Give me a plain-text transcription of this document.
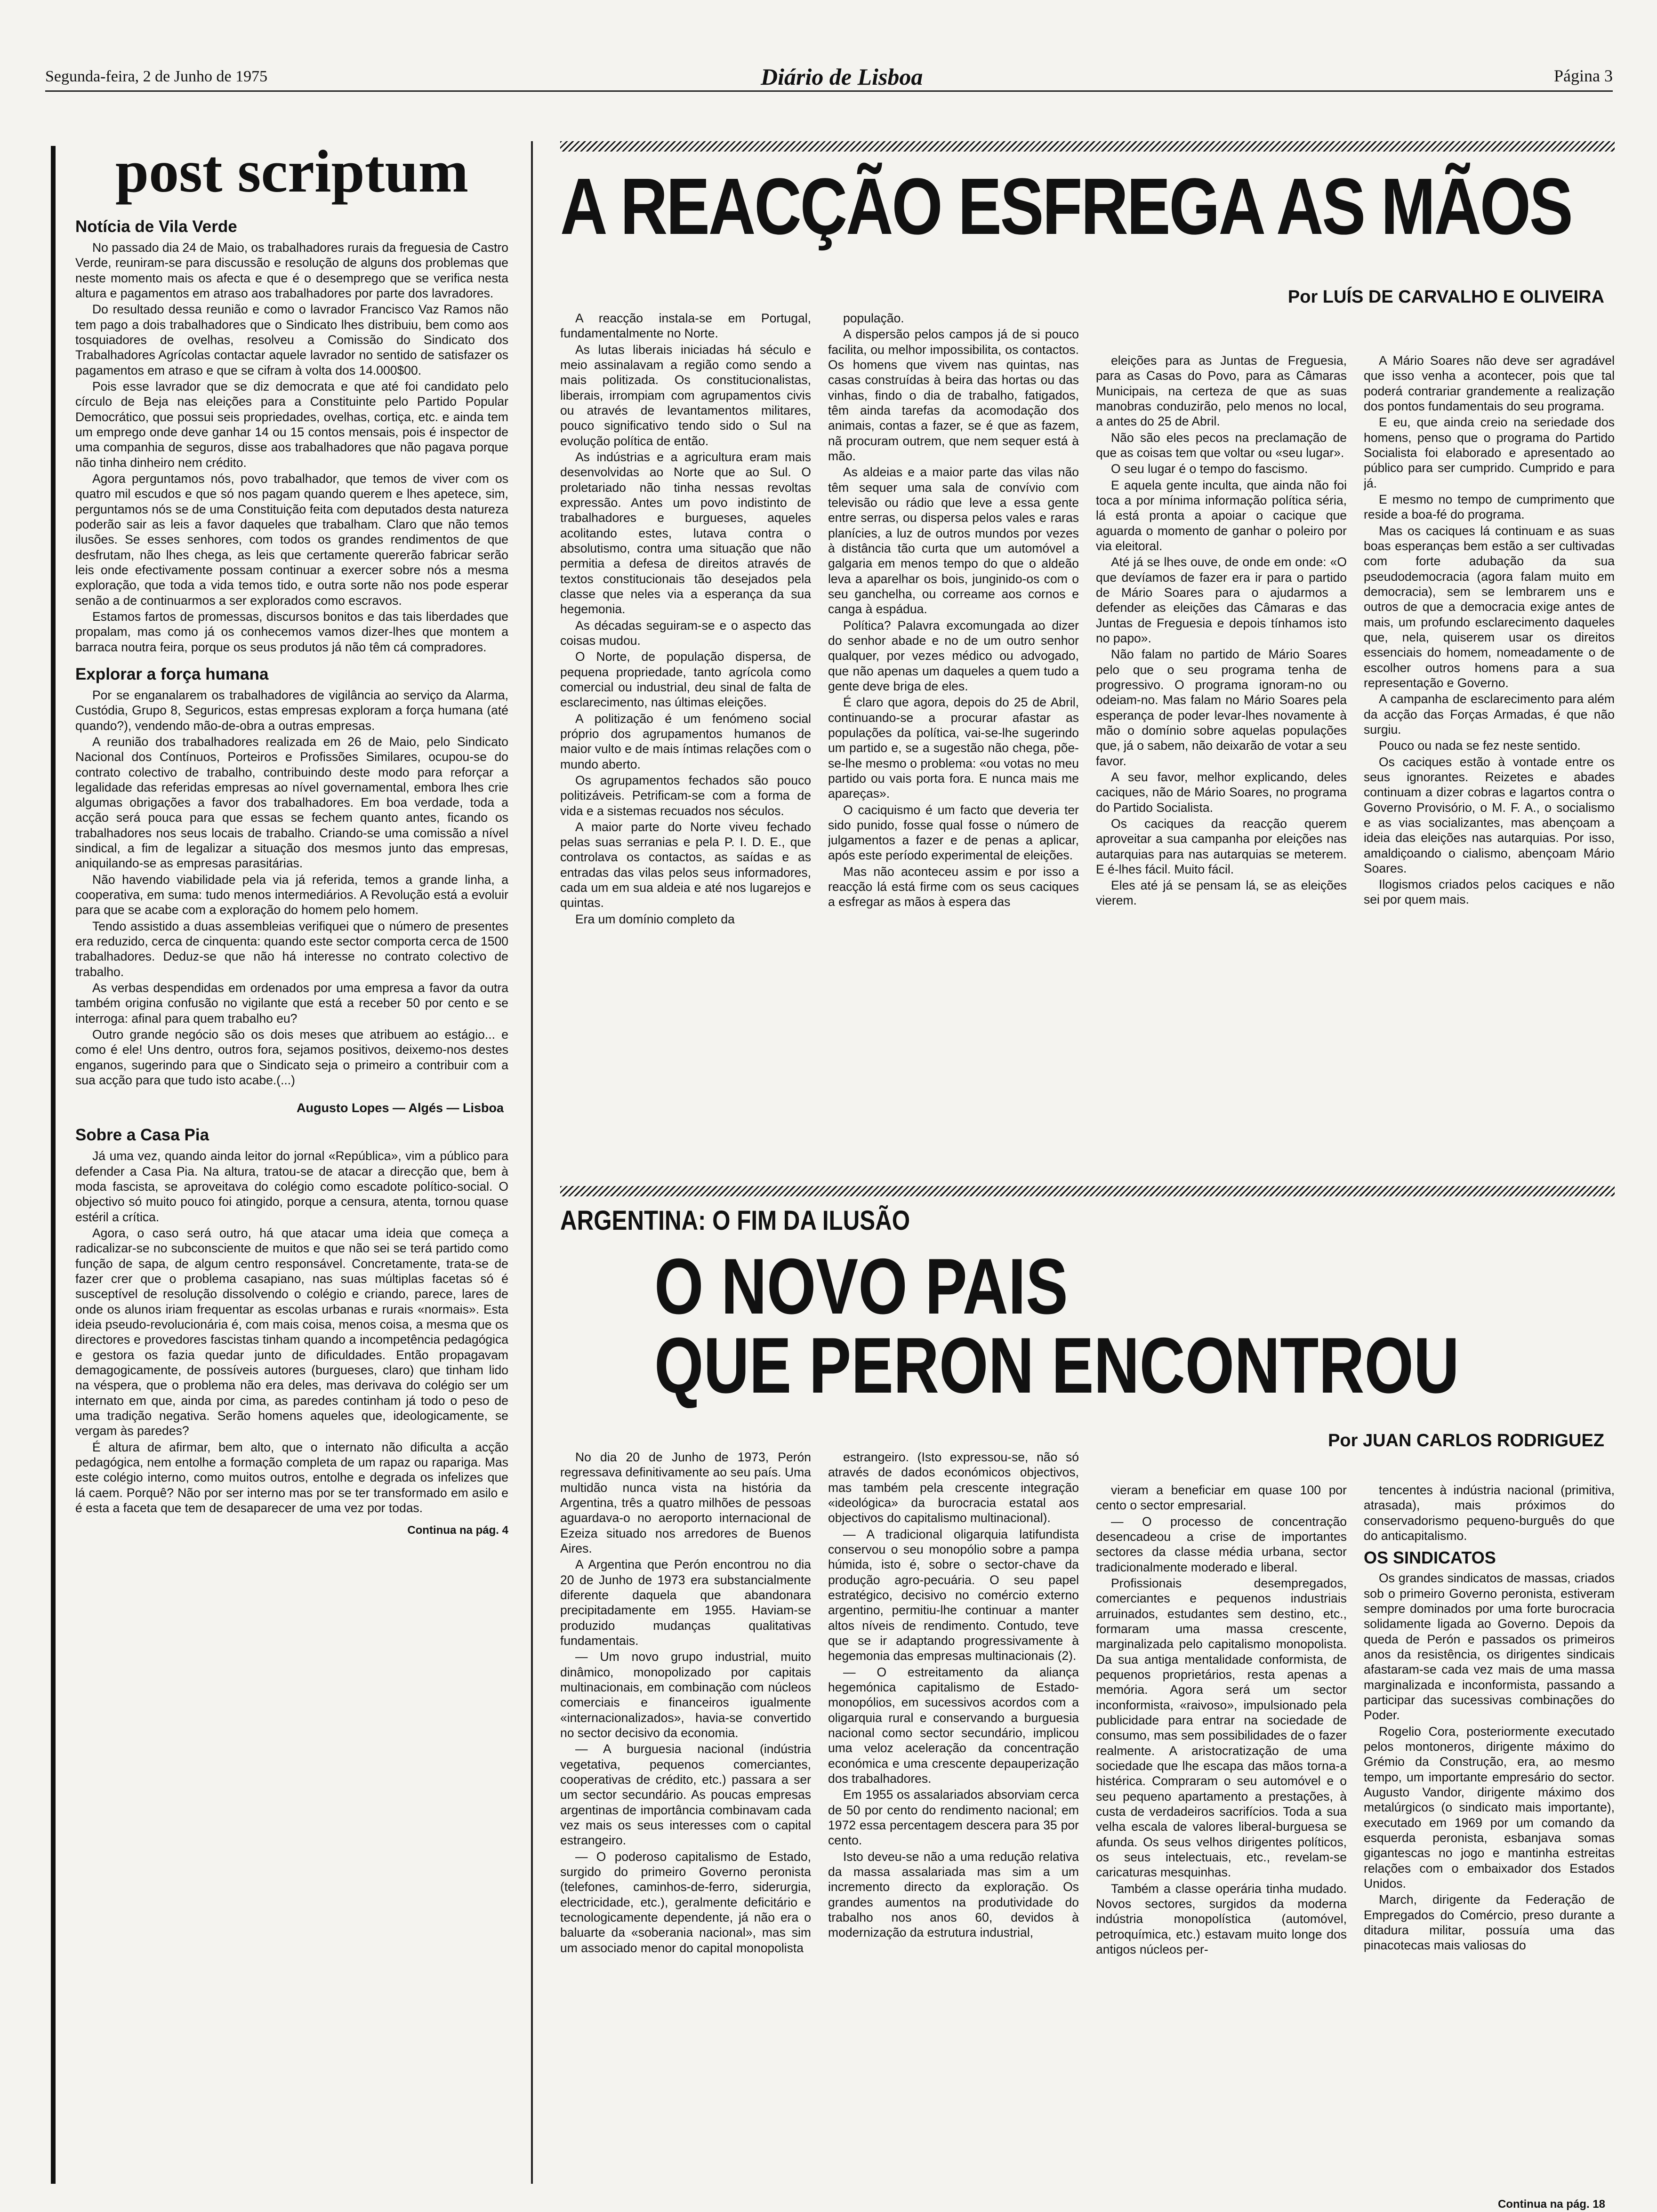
Segunda-feira, 2 de Junho de 1975	Diário de Lisboa	Página 3
post scriptum
Notícia de Vila Verde

No passado dia 24 de Maio, os trabalhadores rurais da freguesia de Castro Verde, reuniram-se para discussão e resolução de alguns dos problemas que neste momento mais os afecta e que é o desemprego que se verifica nesta altura e pagamentos em atraso aos trabalhadores por parte dos lavradores.

Do resultado dessa reunião e como o lavrador Francisco Vaz Ramos não tem pago a dois trabalhadores que o Sindicato lhes distribuiu, bem como aos tosquiadores de ovelhas, resolveu a Comissão do Sindicato dos Trabalhadores Agrícolas contactar aquele lavrador no sentido de satisfazer os pagamentos em atraso e que se cifram à volta dos 14.000$00.

Pois esse lavrador que se diz democrata e que até foi candidato pelo círculo de Beja nas eleições para a Constituinte pelo Partido Popular Democrático, que possui seis propriedades, ovelhas, cortiça, etc. e ainda tem um emprego onde deve ganhar 14 ou 15 contos mensais, pois é inspector de uma companhia de seguros, disse aos trabalhadores que não pagava porque não tinha dinheiro nem crédito.

Agora perguntamos nós, povo trabalhador, que temos de viver com os quatro mil escudos e que só nos pagam quando querem e lhes apetece, sim, perguntamos nós se de uma Constituição feita com deputados desta natureza poderão sair as leis a favor daqueles que trabalham. Claro que não temos ilusões. Se esses senhores, com todos os grandes rendimentos de que desfrutam, não lhes chega, as leis que certamente quererão fabricar serão leis onde efectivamente possam continuar a exercer sobre nós a mesma exploração, que toda a vida temos tido, e outra sorte não nos pode esperar senão a de continuarmos a ser explorados como escravos.

Estamos fartos de promessas, discursos bonitos e das tais liberdades que propalam, mas como já os conhecemos vamos dizer-lhes que montem a barraca noutra feira, porque os seus produtos já não têm cá compradores.

Explorar a força humana

Por se enganalarem os trabalhadores de vigilância ao serviço da Alarma, Custódia, Grupo 8, Seguricos, estas empresas exploram a força humana (até quando?), vendendo mão-de-obra a outras empresas.

A reunião dos trabalhadores realizada em 26 de Maio, pelo Sindicato Nacional dos Contínuos, Porteiros e Profissões Similares, ocupou-se do contrato colectivo de trabalho, contribuindo deste modo para reforçar a legalidade das referidas empresas ao nível governamental, embora lhes crie algumas obrigações a favor dos trabalhadores. Em boa verdade, toda a acção será pouca para que essas se fechem quanto antes, ficando os trabalhadores nos seus locais de trabalho. Criando-se uma comissão a nível sindical, a fim de legalizar a situação dos mesmos junto das empresas, aniquilando-se as empresas parasitárias.

Não havendo viabilidade pela via já referida, temos a grande linha, a cooperativa, em suma: tudo menos intermediários. A Revolução está a evoluir para que se acabe com a exploração do homem pelo homem.

Tendo assistido a duas assembleias verifiquei que o número de presentes era reduzido, cerca de cinquenta: quando este sector comporta cerca de 1500 trabalhadores. Deduz-se que não há interesse no contrato colectivo de trabalho.

As verbas despendidas em ordenados por uma empresa a favor da outra também origina confusão no vigilante que está a receber 50 por cento e se interroga: afinal para quem trabalho eu?

Outro grande negócio são os dois meses que atribuem ao estágio... e como é ele! Uns dentro, outros fora, sejamos positivos, deixemo-nos destes enganos, sugerindo para que o Sindicato seja o primeiro a contribuir com a sua acção para que tudo isto acabe.(...)

Augusto Lopes — Algés — Lisboa
Sobre a Casa Pia

Já uma vez, quando ainda leitor do jornal «República», vim a público para defender a Casa Pia. Na altura, tratou-se de atacar a direcção que, bem à moda fascista, se aproveitava do colégio como escadote político-social. O objectivo só muito pouco foi atingido, porque a censura, atenta, tornou quase estéril a crítica.

Agora, o caso será outro, há que atacar uma ideia que começa a radicalizar-se no subconsciente de muitos e que não sei se terá partido como função de sapa, de algum centro responsável. Concretamente, trata-se de fazer crer que o problema casapiano, nas suas múltiplas facetas só é susceptível de resolução dissolvendo o colégio e criando, parece, lares de onde os alunos iriam frequentar as escolas urbanas e rurais «normais». Esta ideia pseudo-revolucionária é, com mais coisa, menos coisa, a mesma que os directores e provedores fascistas tinham quando a incompetência pedagógica e gestora os fazia quedar junto de dificuldades. Então propagavam demagogicamente, de possíveis autores (burgueses, claro) que tinham lido na véspera, que o problema não era deles, mas derivava do colégio ser um internato em que, ainda por cima, as paredes continham já todo o peso de uma tradição negativa. Serão homens aqueles que, ideologicamente, se vergam às paredes?

É altura de afirmar, bem alto, que o internato não dificulta a acção pedagógica, nem entolhe a formação completa de um rapaz ou rapariga. Mas este colégio interno, como muitos outros, entolhe e degrada os infelizes que lá caem. Porquê? Não por ser interno mas por se ter transformado em asilo e é esta a faceta que tem de desaparecer de uma vez por todas.

Continua na pág. 4
A REACÇÃO ESFREGA AS MÃOS
Por LUÍS DE CARVALHO E OLIVEIRA

A reacção instala-se em Portugal, fundamentalmente no Norte.

As lutas liberais iniciadas há século e meio assinalavam a região como sendo a mais politizada. Os constitucionalistas, liberais, irrompiam com agrupamentos civis ou através de levantamentos militares, pouco significativo tendo sido o Sul na evolução política de então.

As indústrias e a agricultura eram mais desenvolvidas ao Norte que ao Sul. O proletariado não tinha nessas revoltas expressão. Antes um povo indistinto de trabalhadores e burgueses, aqueles acolitando estes, lutava contra o absolutismo, contra uma situação que não permitia a defesa de direitos através de textos constitucionais tão desejados pela classe que neles via a esperança da sua hegemonia.

As décadas seguiram-se e o aspecto das coisas mudou.

O Norte, de população dispersa, de pequena propriedade, tanto agrícola como comercial ou industrial, deu sinal de falta de esclarecimento, nas últimas eleições.

A politização é um fenómeno social próprio dos agrupamentos humanos de maior vulto e de mais íntimas relações com o mundo aberto.

Os agrupamentos fechados são pouco politizáveis. Petrificam-se com a forma de vida e a sistemas recuados nos séculos.

A maior parte do Norte viveu fechado pelas suas serranias e pela P. I. D. E., que controlava os contactos, as saídas e as entradas das vilas pelos seus informadores, cada um em sua aldeia e até nos lugarejos e quintas.

Era um domínio completo da

população.

A dispersão pelos campos já de si pouco facilita, ou melhor impossibilita, os contactos. Os homens que vivem nas quintas, nas casas construídas à beira das hortas ou das vinhas, findo o dia de trabalho, fatigados, têm ainda tarefas da acomodação dos animais, contas a fazer, se é que as fazem, nã procuram outrem, que nem sequer está à mão.

As aldeias e a maior parte das vilas não têm sequer uma sala de convívio com televisão ou rádio que leve a essa gente entre serras, ou dispersa pelos vales e raras planícies, a luz de outros mundos por vezes à distância tão curta que um automóvel a galgaria em menos tempo do que o aldeão leva a aparelhar os bois, junginido-os com o seu ganchelha, ou correame aos cornos e canga à espádua.

Política? Palavra excomungada ao dizer do senhor abade e no de um outro senhor qualquer, por vezes médico ou advogado, que não apenas um daqueles a quem tudo a gente deve briga de eles.

É claro que agora, depois do 25 de Abril, continuando-se a procurar afastar as populações da política, vai-se-lhe sugerindo um partido e, se a sugestão não chega, põe-se-lhe mesmo o problema: «ou votas no meu partido ou vais porta fora. E nunca mais me apareças».

O caciquismo é um facto que deveria ter sido punido, fosse qual fosse o número de julgamentos a fazer e de penas a aplicar, após este período experimental de eleições.

Mas não aconteceu assim e por isso a reacção lá está firme com os seus caciques a esfregar as mãos à espera das

eleições para as Juntas de Freguesia, para as Casas do Povo, para as Câmaras Municipais, na certeza de que as suas manobras conduzirão, pelo menos no local, a antes do 25 de Abril.

Não são eles pecos na preclamação de que as coisas tem que voltar ou «seu lugar».

O seu lugar é o tempo do fascismo.

E aquela gente inculta, que ainda não foi toca a por mínima informação política séria, lá está pronta a apoiar o cacique que aguarda o momento de ganhar o poleiro por via eleitoral.

Até já se lhes ouve, de onde em onde: «O que devíamos de fazer era ir para o partido de Mário Soares para o ajudarmos a defender as eleições das Câmaras e das Juntas de Freguesia e depois tínhamos isto no papo».

Não falam no partido de Mário Soares pelo que o seu programa tenha de progressivo. O programa ignoram-no ou odeiam-no. Mas falam no Mário Soares pela esperança de poder levar-lhes novamente à mão o domínio sobre aquelas populações que, já o sabem, não deixarão de votar a seu favor.

A seu favor, melhor explicando, deles caciques, não de Mário Soares, no programa do Partido Socialista.

Os caciques da reacção querem aproveitar a sua campanha por eleições nas autarquias para nas autarquias se meterem. E é-lhes fácil. Muito fácil.

Eles até já se pensam lá, se as eleições vierem.

A Mário Soares não deve ser agradável que isso venha a acontecer, pois que tal poderá contrariar grandemente a realização dos pontos fundamentais do seu programa.

E eu, que ainda creio na seriedade dos homens, penso que o programa do Partido Socialista foi elaborado e apresentado ao público para ser cumprido. Cumprido e para já.

E mesmo no tempo de cumprimento que reside a boa-fé do programa.

Mas os caciques lá continuam e as suas boas esperanças bem estão a ser cultivadas com forte adubação da sua pseudodemocracia (agora falam muito em democracia), sem se lembrarem uns e outros de que a democracia exige antes de mais, um profundo esclarecimento daqueles que, nela, quiserem usar os direitos essenciais do homem, nomeadamente o de escolher outros homens para a sua representação e Governo.

A campanha de esclarecimento para além da acção das Forças Armadas, é que não surgiu.

Pouco ou nada se fez neste sentido.

Os caciques estão à vontade entre os seus ignorantes. Reizetes e abades continuam a dizer cobras e lagartos contra o Governo Provisório, o M. F. A., o socialismo e as vias socializantes, mas abençoam a ideia das eleições nas autarquias. Por isso, amaldiçoando o cialismo, abençoam Mário Soares.

Ilogismos criados pelos caciques e não sei por quem mais.

ARGENTINA: O FIM DA ILUSÃO
O NOVO PAIS
QUE PERON ENCONTROU
Por JUAN CARLOS RODRIGUEZ

No dia 20 de Junho de 1973, Perón regressava definitivamente ao seu país. Uma multidão nunca vista na história da Argentina, três a quatro milhões de pessoas aguardava-o no aeroporto internacional de Ezeiza situado nos arredores de Buenos Aires.

A Argentina que Perón encontrou no dia 20 de Junho de 1973 era substancialmente diferente daquela que abandonara precipitadamente em 1955. Haviam-se produzido mudanças qualitativas fundamentais.

— Um novo grupo industrial, muito dinâmico, monopolizado por capitais multinacionais, em combinação com núcleos comerciais e financeiros igualmente «internacionalizados», havia-se convertido no sector decisivo da economia.

— A burguesia nacional (indústria vegetativa, pequenos comerciantes, cooperativas de crédito, etc.) passara a ser um sector secundário. As poucas empresas argentinas de importância combinavam cada vez mais os seus interesses com o capital estrangeiro.

— O poderoso capitalismo de Estado, surgido do primeiro Governo peronista (telefones, caminhos-de-ferro, siderurgia, electricidade, etc.), geralmente deficitário e tecnologicamente dependente, já não era o baluarte da «soberania nacional», mas sim um associado menor do capital monopolista

estrangeiro. (Isto expressou-se, não só através de dados económicos objectivos, mas também pela crescente integração «ideológica» da burocracia estatal aos objectivos do capitalismo multinacional).

— A tradicional oligarquia latifundista conservou o seu monopólio sobre a pampa húmida, isto é, sobre o sector-chave da produção agro-pecuária. O seu papel estratégico, decisivo no comércio externo argentino, permitiu-lhe continuar a manter altos níveis de rendimento. Contudo, teve que se ir adaptando progressivamente à hegemonia das empresas multinacionais (2).

— O estreitamento da aliança hegemónica capitalismo de Estado-monopólios, em sucessivos acordos com a oligarquia rural e conservando a burguesia nacional como sector secundário, implicou uma veloz aceleração da concentração económica e uma crescente depauperização dos trabalhadores.

Em 1955 os assalariados absorviam cerca de 50 por cento do rendimento nacional; em 1972 essa percentagem descera para 35 por cento.

Isto deveu-se não a uma redução relativa da massa assalariada mas sim a um incremento directo da exploração. Os grandes aumentos na produtividade do trabalho nos anos 60, devidos à modernização da estrutura industrial,

vieram a beneficiar em quase 100 por cento o sector empresarial.

— O processo de concentração desencadeou a crise de importantes sectores da classe média urbana, sector tradicionalmente moderado e liberal.

Profissionais desempregados, comerciantes e pequenos industriais arruinados, estudantes sem destino, etc., formaram uma massa crescente, marginalizada pelo capitalismo monopolista. Da sua antiga mentalidade conformista, de pequenos proprietários, resta apenas a memória. Agora será um sector inconformista, «raivoso», impulsionado pela publicidade para entrar na sociedade de consumo, mas sem possibilidades de o fazer realmente. A aristocratização de uma sociedade que lhe escapa das mãos torna-a histérica. Compraram o seu automóvel e o seu pequeno apartamento a prestações, à custa de verdadeiros sacrifícios. Toda a sua velha escala de valores liberal-burguesa se afunda. Os seus velhos dirigentes políticos, os seus intelectuais, etc., revelam-se caricaturas mesquinhas.

Também a classe operária tinha mudado. Novos sectores, surgidos da moderna indústria monopolística (automóvel, petroquímica, etc.) estavam muito longe dos antigos núcleos per-

tencentes à indústria nacional (primitiva, atrasada), mais próximos do conservadorismo pequeno-burguês do que do anticapitalismo.

OS SINDICATOS

Os grandes sindicatos de massas, criados sob o primeiro Governo peronista, estiveram sempre dominados por uma forte burocracia solidamente ligada ao Governo. Depois da queda de Perón e passados os primeiros anos da resistência, os dirigentes sindicais afastaram-se cada vez mais de uma massa marginalizada e inconformista, passando a participar das sucessivas combinações do Poder.

Rogelio Cora, posteriormente executado pelos montoneros, dirigente máximo do Grémio da Construção, era, ao mesmo tempo, um importante empresário do sector. Augusto Vandor, dirigente máximo dos metalúrgicos (o sindicato mais importante), executado em 1969 por um comando da esquerda peronista, esbanjava somas gigantescas no jogo e mantinha estreitas relações com o embaixador dos Estados Unidos.

March, dirigente da Federação de Empregados do Comércio, preso durante a ditadura militar, possuía uma das pinacotecas mais valiosas do

Continua na pág. 18
